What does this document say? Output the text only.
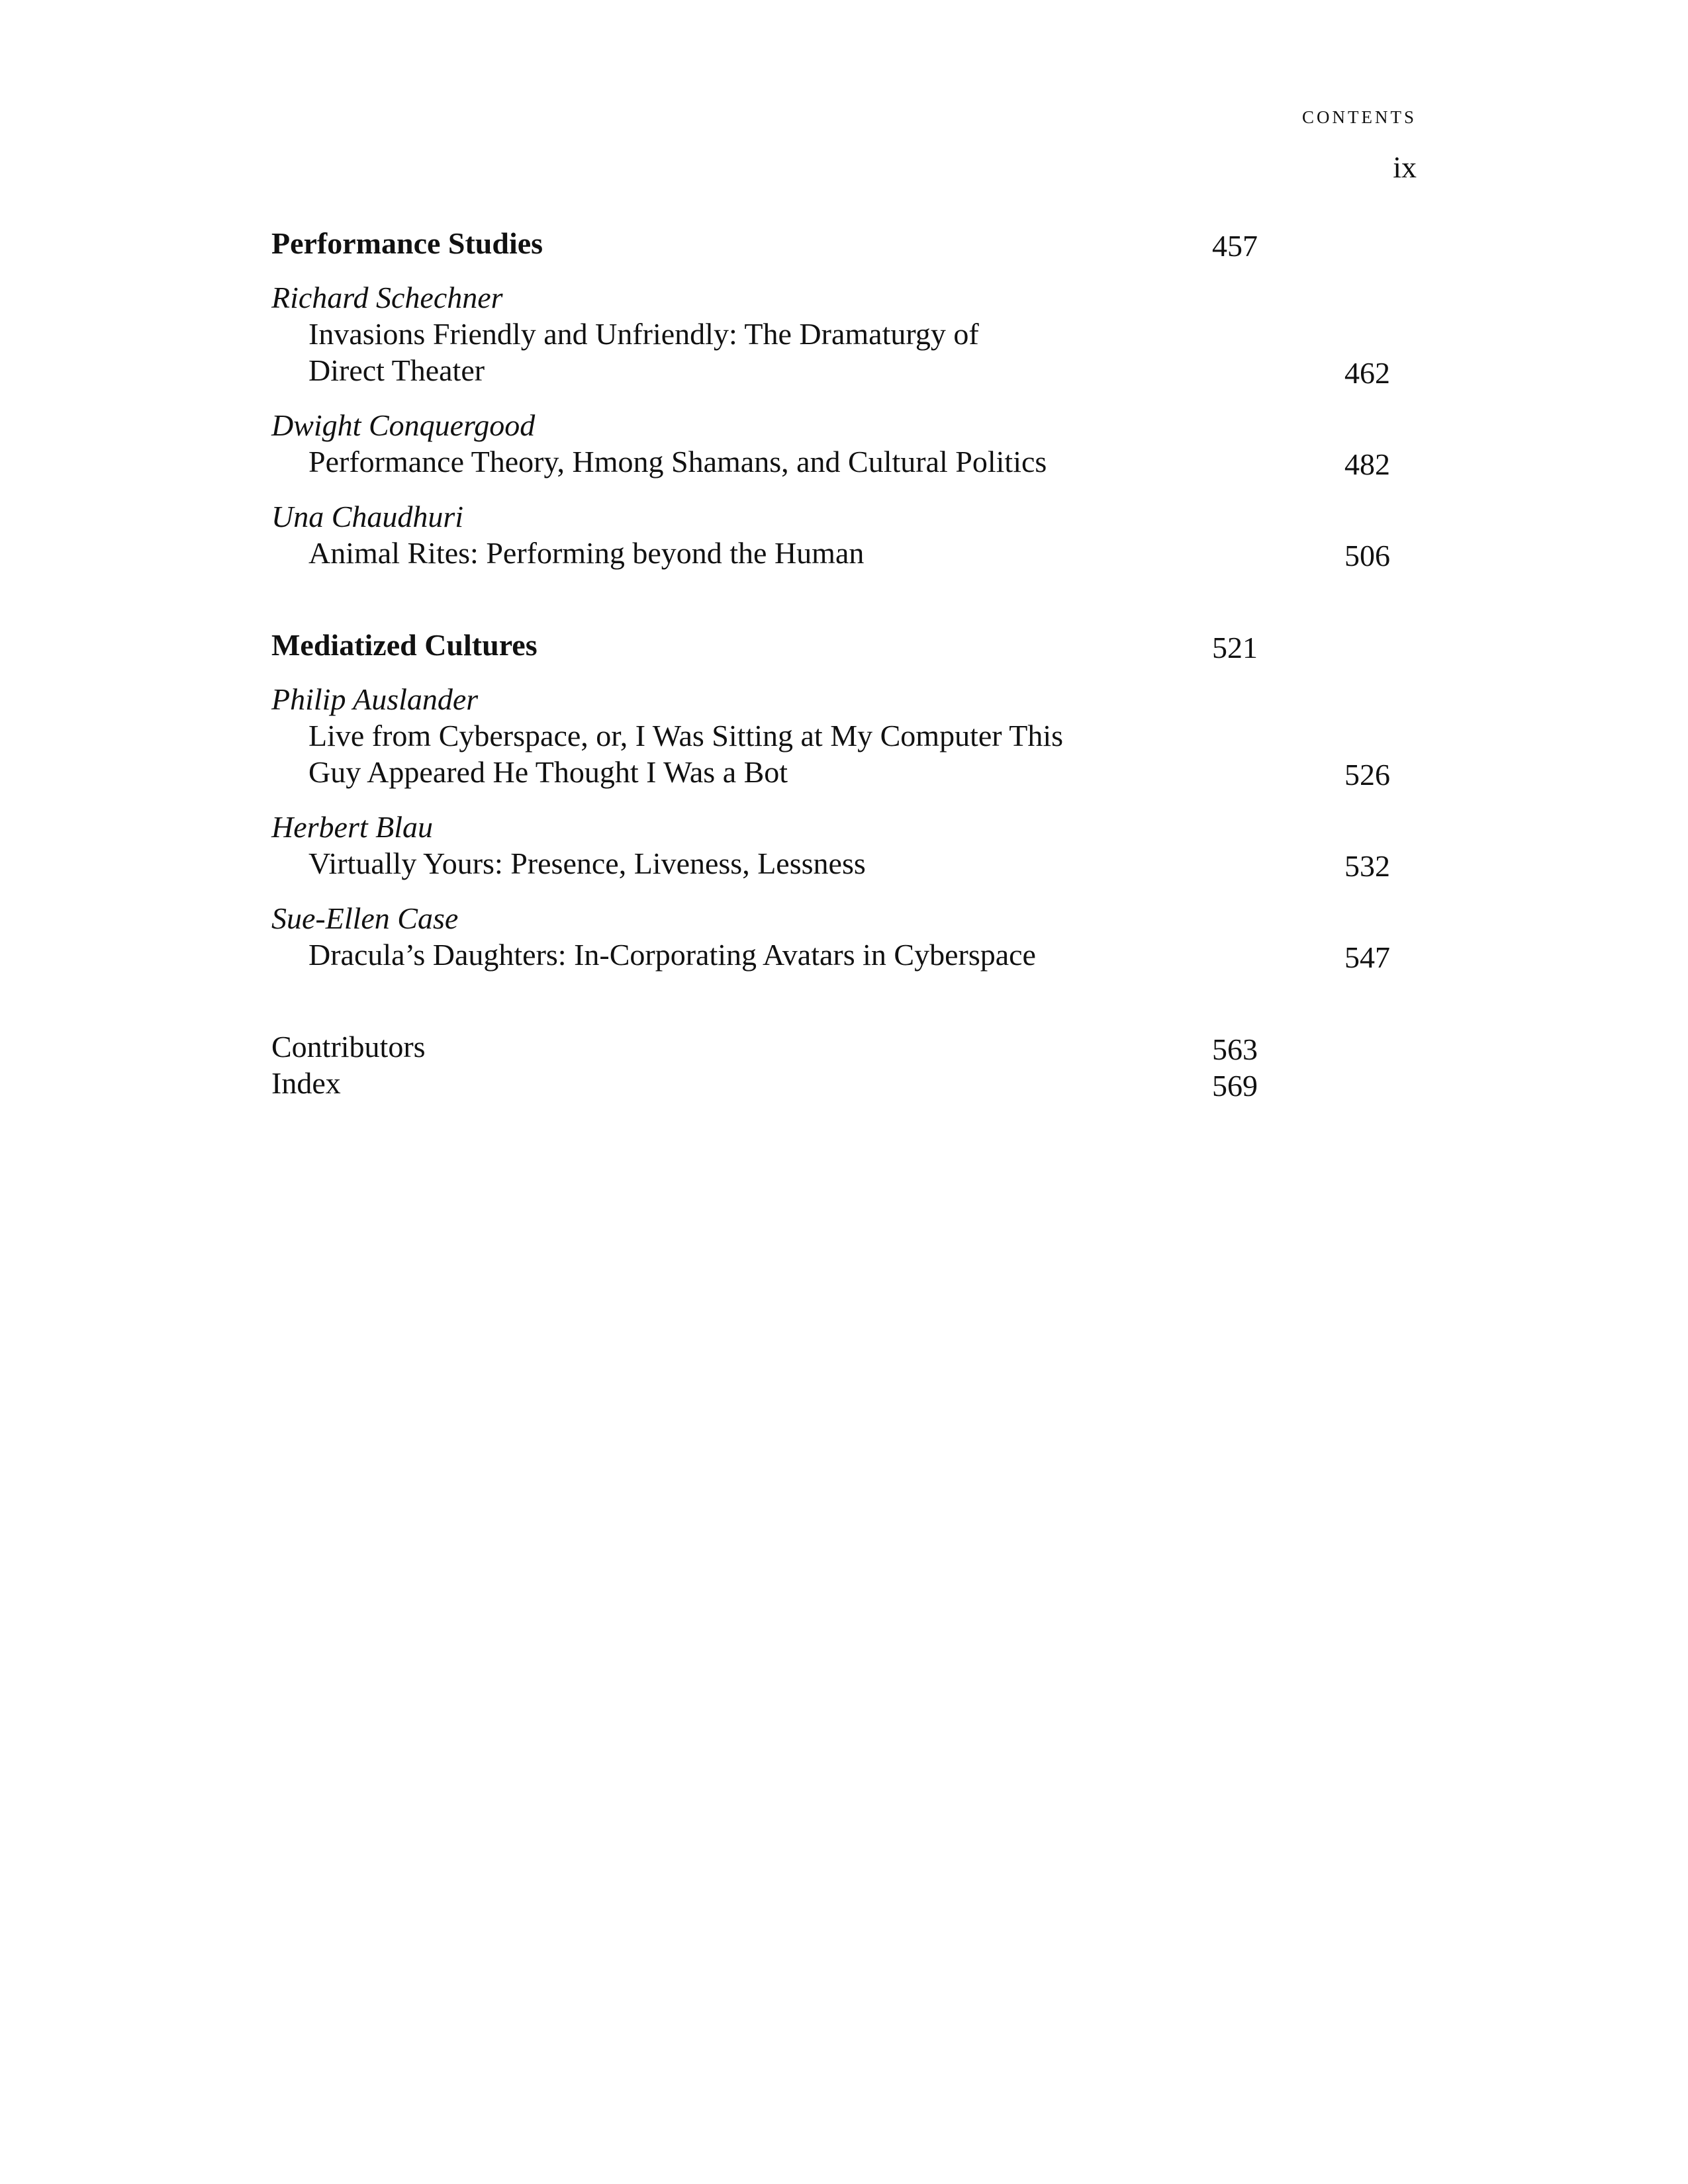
contents
ix
Performance Studies	457
Richard Schechner
Invasions Friendly and Unfriendly: The Dramaturgy of
Direct Theater	462
Dwight Conquergood
Performance Theory, Hmong Shamans, and Cultural Politics	482
Una Chaudhuri
Animal Rites: Performing beyond the Human	506
Mediatized Cultures	521
Philip Auslander
Live from Cyberspace, or, I Was Sitting at My Computer This
Guy Appeared He Thought I Was a Bot	526
Herbert Blau
Virtually Yours: Presence, Liveness, Lessness	532
Sue-Ellen Case
Dracula’s Daughters: In-Corporating Avatars in Cyberspace	547
Contributors	563
Index	569
